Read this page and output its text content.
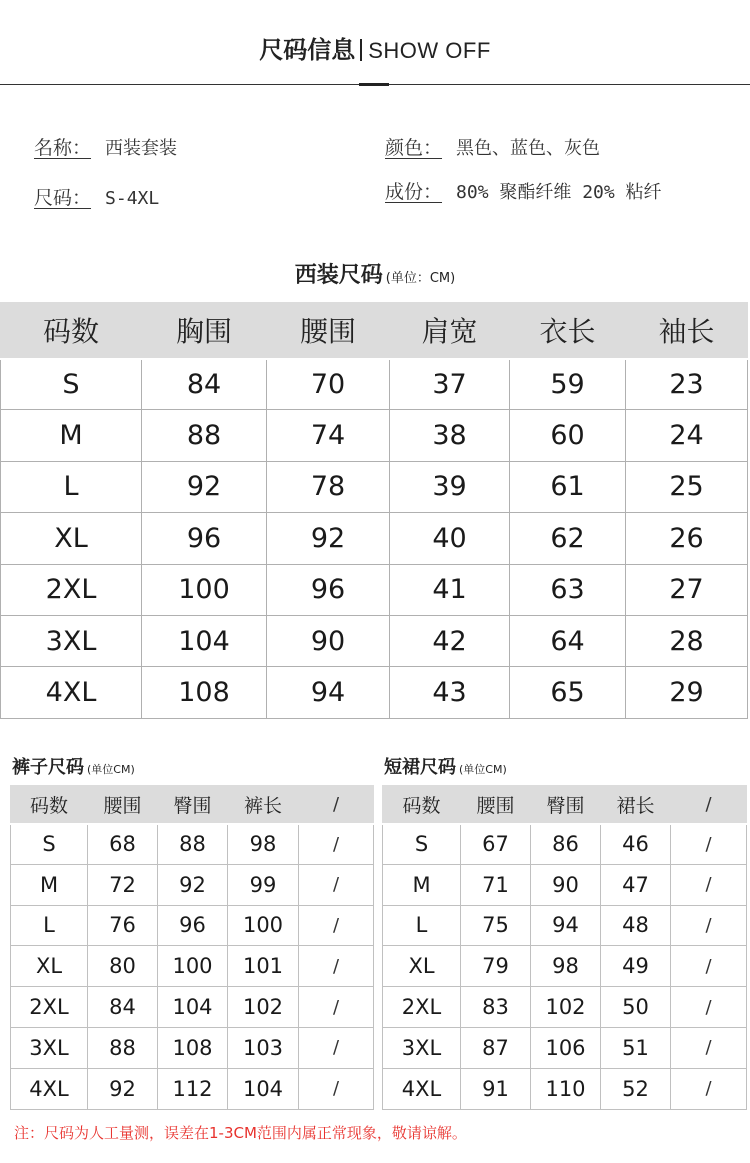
尺码信息 SHOW OFF
名称： 西装套装
尺码： S-4XL
颜色： 黑色、蓝色、灰色
成份： 80% 聚酯纤维 20% 粘纤
西装尺码 (单位：CM)
码数	胸围	腰围	肩宽	衣长	袖长
S	84	70	37	59	23
M	88	74	38	60	24
L	92	78	39	61	25
XL	96	92	40	62	26
2XL	100	96	41	63	27
3XL	104	90	42	64	28
4XL	108	94	43	65	29
裤子尺码 (单位CM)
码数	腰围	臀围	裤长	/
S	68	88	98	/
M	72	92	99	/
L	76	96	100	/
XL	80	100	101	/
2XL	84	104	102	/
3XL	88	108	103	/
4XL	92	112	104	/
短裙尺码 (单位CM)
码数	腰围	臀围	裙长	/
S	67	86	46	/
M	71	90	47	/
L	75	94	48	/
XL	79	98	49	/
2XL	83	102	50	/
3XL	87	106	51	/
4XL	91	110	52	/
注：尺码为人工量测，误差在1-3CM范围内属正常现象，敬请谅解。
